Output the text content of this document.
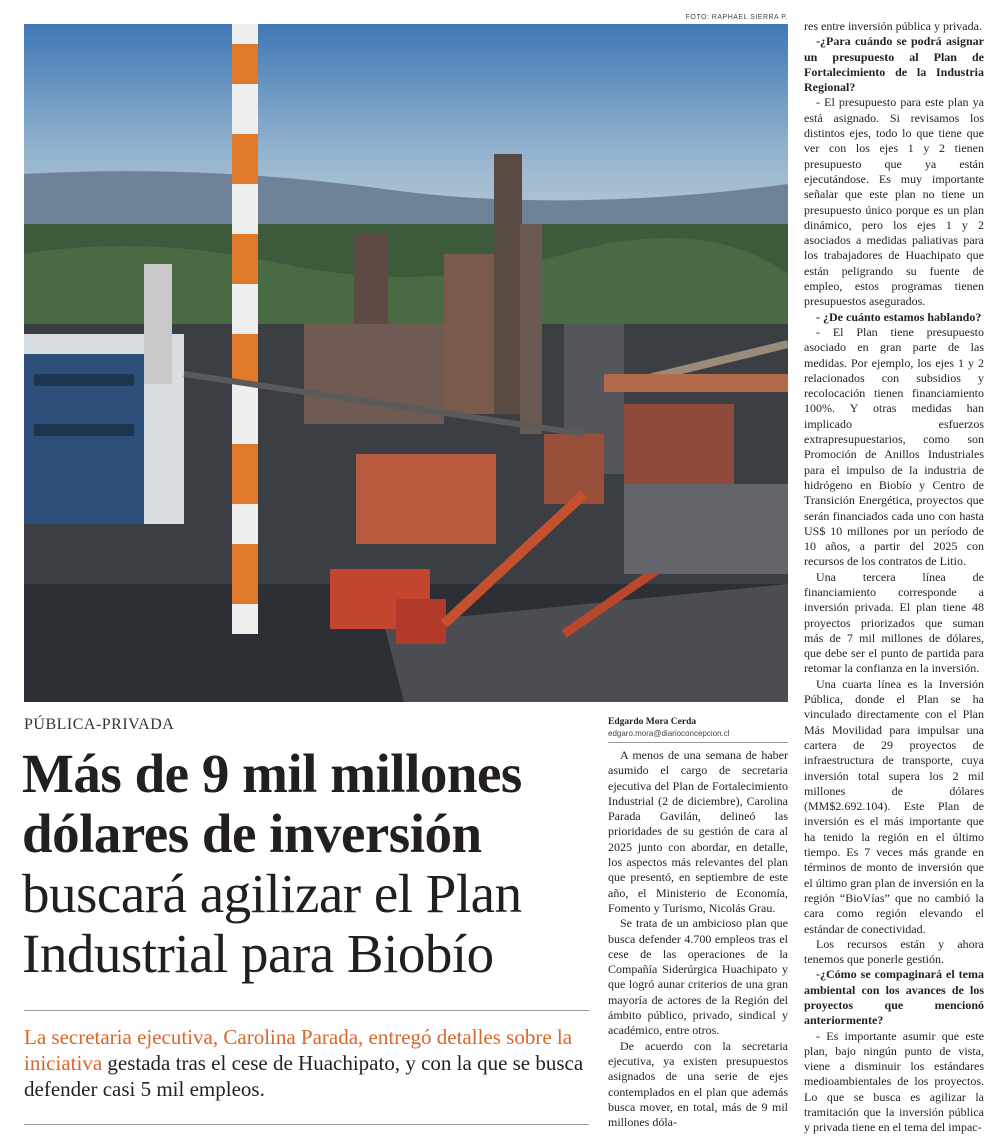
FOTO: RAPHAEL SIERRA P.
PÚBLICA-PRIVADA
Más de 9 mil millones
dólares de inversión
buscará agilizar el Plan
Industrial para Biobío

La secretaria ejecutiva, Carolina Parada, entregó detalles sobre la iniciativa gestada tras el cese de Huachipato, y con la que se busca defender casi 5 mil empleos.

Edgardo Mora Cerda
edgaro.mora@diarioconcepcion.cl

A menos de una semana de haber asumido el cargo de secretaria ejecutiva del Plan de Fortalecimiento Industrial (2 de diciembre), Carolina Parada Gavilán, delineó las prioridades de su gestión de cara al 2025 junto con abordar, en detalle, los aspectos más relevantes del plan que presentó, en septiembre de este año, el Ministerio de Economía, Fomento y Turismo, Nicolás Grau.

Se trata de un ambicioso plan que busca defender 4.700 empleos tras el cese de las operaciones de la Compañía Siderúrgica Huachipato y que logró aunar criterios de una gran mayoría de actores de la Región del ámbito público, privado, sindical y académico, entre otros.

De acuerdo con la secretaria ejecutiva, ya existen presupuestos asignados de una serie de ejes contemplados en el plan que además busca mover, en total, más de 9 mil millones dóla-

res entre inversión pública y privada.

-¿Para cuándo se podrá asignar un presupuesto al Plan de Fortalecimiento de la Industria Regional?

- El presupuesto para este plan ya está asignado. Si revisamos los distintos ejes, todo lo que tiene que ver con los ejes 1 y 2 tienen presupuesto que ya están ejecutándose. Es muy importante señalar que este plan no tiene un presupuesto único porque es un plan dinámico, pero los ejes 1 y 2 asociados a medidas paliativas para los trabajadores de Huachipato que están peligrando su fuente de empleo, estos programas tienen presupuestos asegurados.

- ¿De cuánto estamos hablando?

- El Plan tiene presupuesto asociado en gran parte de las medidas. Por ejemplo, los ejes 1 y 2 relacionados con subsidios y recolocación tienen financiamiento 100%. Y otras medidas han implicado esfuerzos extrapresupuestarios, como son Promoción de Anillos Industriales para el impulso de la industria de hidrógeno en Biobío y Centro de Transición Energética, proyectos que serán financiados cada uno con hasta US$ 10 millones por un período de 10 años, a partir del 2025 con recursos de los contratos de Litio.

Una tercera línea de financiamiento corresponde a inversión privada. El plan tiene 48 proyectos priorizados que suman más de 7 mil millones de dólares, que debe ser el punto de partida para retomar la confianza en la inversión.

Una cuarta línea es la Inversión Pública, donde el Plan se ha vinculado directamente con el Plan Más Movilidad para impulsar una cartera de 29 proyectos de infraestructura de transporte, cuya inversión total supera los 2 mil millones de dólares (MM$2.692.104). Este Plan de inversión es el más importante que ha tenido la región en el último tiempo. Es 7 veces más grande en términos de monto de inversión que el último gran plan de inversión en la región “BioVías” que no cambió la cara como región elevando el estándar de conectividad.

Los recursos están y ahora tenemos que ponerle gestión.

-¿Cómo se compaginará el tema ambiental con los avances de los proyectos que mencionó anteriormente?

- Es importante asumir que este plan, bajo ningún punto de vista, viene a disminuir los estándares medioambientales de los proyectos. Lo que se busca es agilizar la tramitación que la inversión pública y privada tiene en el tema del impac-
